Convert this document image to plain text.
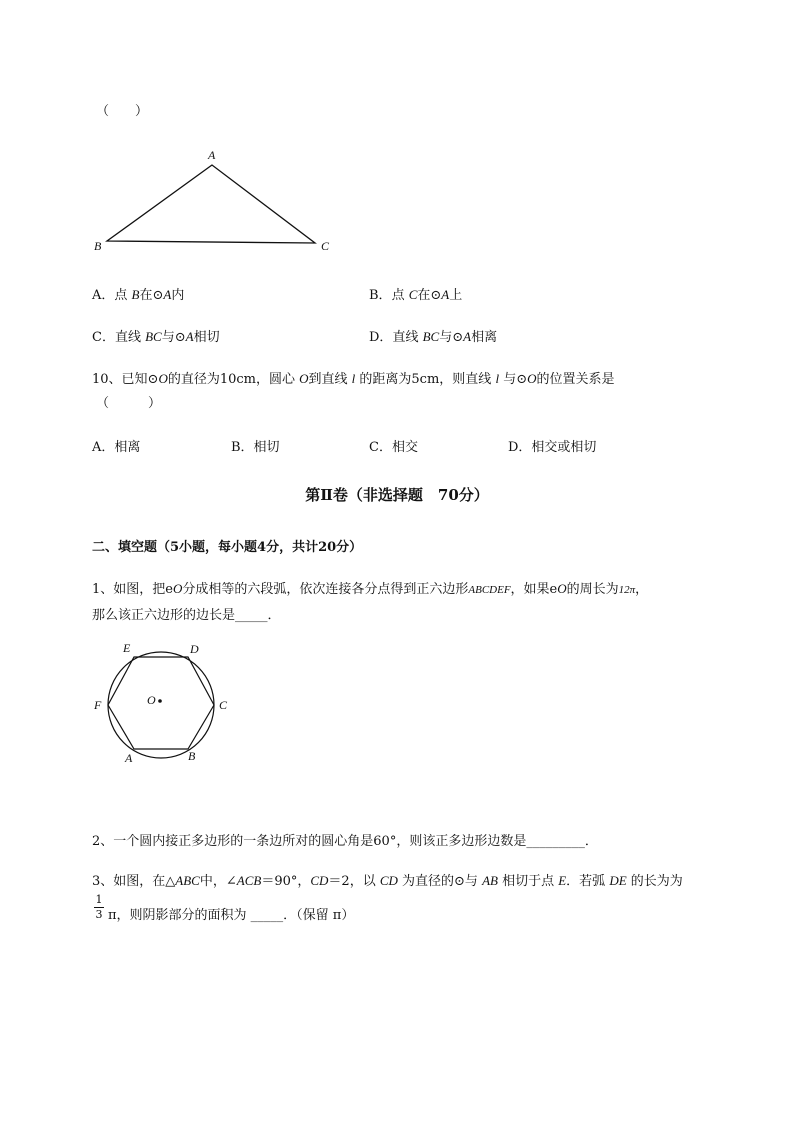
（　　）
A
B	C
A．点 B在⊙A内	B．点 C在⊙A上
C．直线 BC与⊙A相切	D．直线 BC与⊙A相离
10、已知⊙O的直径为10cm，圆心 O到直线 l 的距离为5cm，则直线 l 与⊙O的位置关系是
（　　　）
A．相离	B．相切	C．相交	D．相交或相切
第Ⅱ卷（非选择题　70分）
二、填空题（5小题，每小题4分，共计20分）
1、如图，把eO分成相等的六段弧，依次连接各分点得到正六边形ABCDEF，如果eO的周长为12π，
那么该正六边形的边长是_____．
O
E	D
F	C
A	B
2、一个圆内接正多边形的一条边所对的圆心角是60°，则该正多边形边数是_________．
3、如图，在△ABC中，∠ACB＝90°，CD＝2，以 CD 为直径的⊙与 AB 相切于点 E．若弧 DE 的长为为
1
3 π，则阴影部分的面积为 _____．（保留 π）
